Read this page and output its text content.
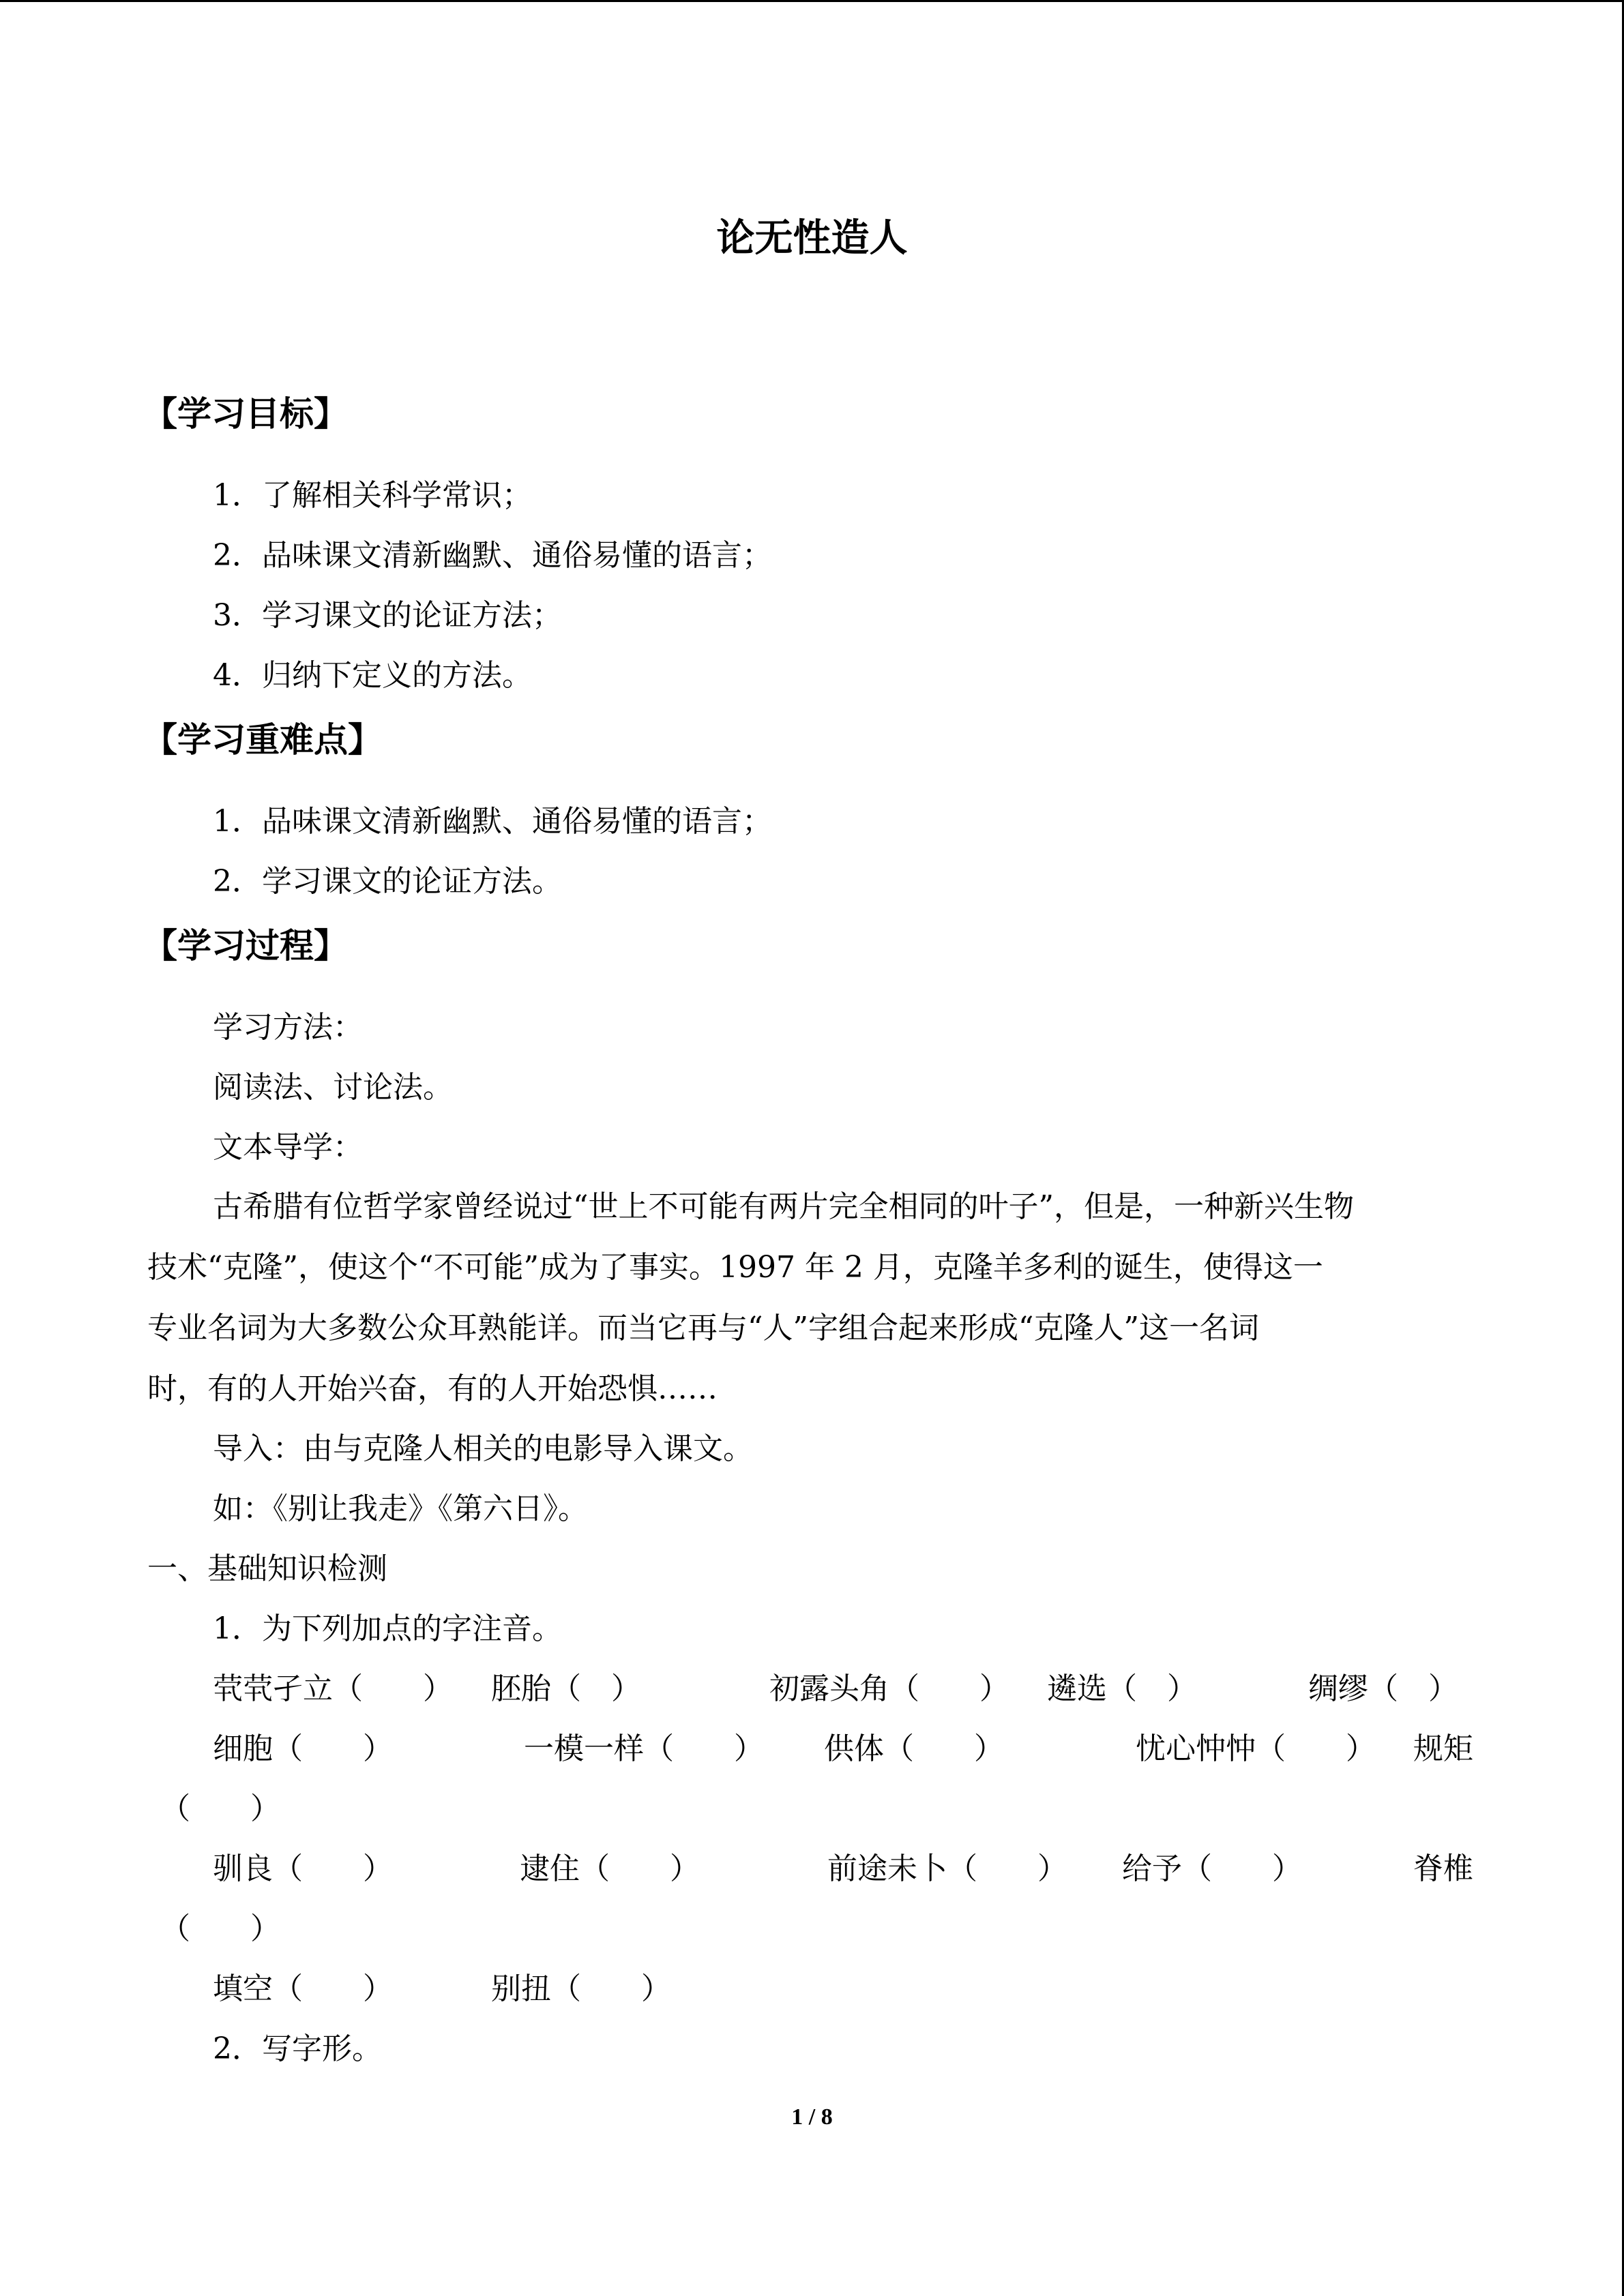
论无性造人
【学习目标】
1．了解相关科学常识；
2．品味课文清新幽默、通俗易懂的语言；
3．学习课文的论证方法；
4．归纳下定义的方法。
【学习重难点】
1．品味课文清新幽默、通俗易懂的语言；
2．学习课文的论证方法。
【学习过程】
学习方法：
阅读法、讨论法。
文本导学：
古希腊有位哲学家曾经说过“世上不可能有两片完全相同的叶子”，但是，一种新兴生物
技术“克隆”，使这个“不可能”成为了事实。1997 年 2 月，克隆羊多利的诞生，使得这一
专业名词为大多数公众耳熟能详。而当它再与“人”字组合起来形成“克隆人”这一名词
时，有的人开始兴奋，有的人开始恐惧……
导入：由与克隆人相关的电影导入课文。
如：《别让我走》《第六日》。
一、基础知识检测
1．为下列加点的字注音。
茕茕孑立（　　） 胚胎（　）	初露头角（　　） 遴选（　）	绸缪（　）
细胞（　　）	一模一样（　　） 供体（　　）	忧心忡忡（　　） 规矩
（　　）
驯良（　　）	逮住（　　）	前途未卜（　　） 给予（　　）	脊椎
（　　）
填空（　　）	别扭（　　）
2．写字形。
1 / 8
